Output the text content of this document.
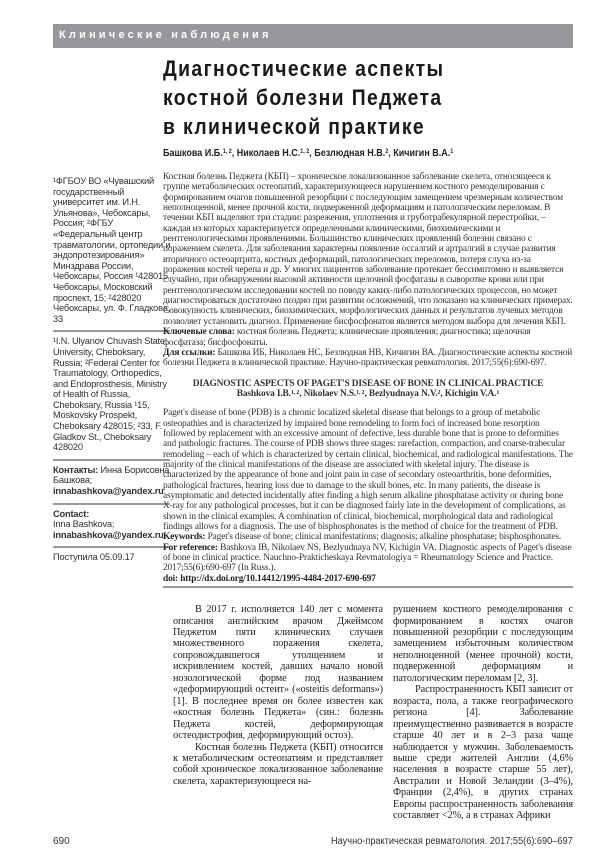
Клинические наблюдения
Диагностические аспекты
костной болезни Педжета
в клинической практике
Башкова И.Б.$^{1, 2}$, Николаев Н.С.$^{1, 2}$, Безлюдная Н.В.$^2$, Кичигин В.А.$^1$
¹ФГБОУ ВО «Чувашский государственный университет им. И.Н. Ульянова», Чебоксары, Россия; ²ФГБУ «Федеральный центр травматологии, ортопедии и эндопротезирования» Минздрава России, Чебоксары, Россия ¹428015 Чебоксары, Московский проспект, 15; ²428020 Чебоксары, ул. Ф. Гладкова, 33
¹I.N. Ulyanov Chuvash State University, Cheboksary, Russia; ²Federal Center for Traumatology, Orthopedics, and Endoprosthesis, Ministry of Health of Russia, Cheboksary, Russia ¹15, Moskovsky Prospekt, Cheboksary 428015; ²33, F. Gladkov St., Cheboksary 428020
Контакты: Инна Борисовна Башкова;
innabashkova@yandex.ru
Contact:
Inna Bashkova;
innabashkova@yandex.ru
Поступила 05.09.17

Костная болезнь Педжета (КБП) – хроническое локализованное заболевание скелета, относящееся к группе метаболических остеопатий, характеризующееся нарушением костного ремоделирования с формированием очагов повышенной резорбции с последующим замещением чрезмерным количеством неполноценной, менее прочной кости, подверженной деформациям и патологическим переломам. В течении КБП выделяют три стадии: разрежения, уплотнения и груботрабекулярной перестройки, – каждая из которых характеризуется определенными клиническими, биохимическими и рентгенологическими проявлениями. Большинство клинических проявлений болезни связано с поражением скелета. Для заболевания характерны появление оссалгий и артралгий в случае развития вторичного остеоартрита, костных деформаций, патологических переломов, потеря слуха из-за поражения костей черепа и др. У многих пациентов заболевание протекает бессимптомно и выявляется случайно, при обнаружении высокой активности щелочной фосфатазы в сыворотке крови или при рентгенологическом исследовании костей по поводу каких-либо патологических процессов, но может диагностироваться достаточно поздно при развитии осложнений, что показано на клинических примерах. Совокупность клинических, биохимических, морфологических данных и результатов лучевых методов позволяет установить диагноз. Применение бисфосфонатов является методом выбора для лечения КБП.

Ключевые слова: костная болезнь Педжета; клинические проявления; диагностика; щелочная фосфатаза; бисфосфонаты.

Для ссылки: Башкова ИБ, Николаев НС, Безлюдная НВ, Кичигин ВА. Диагностические аспекты костной болезни Педжета в клинической практике. Научно-практическая ревматология. 2017;55(6):690-697.

DIAGNOSTIC ASPECTS OF PAGET'S DISEASE OF BONE IN CLINICAL PRACTICE

Bashkova I.B.$^{1, 2}$, Nikolaev N.S.$^{1, 2}$, Bezlyudnaya N.V.$^2$, Kichigin V.A.$^1$

Paget's disease of bone (PDB) is a chronic localized skeletal disease that belongs to a group of metabolic osteopathies and is characterized by impaired bone remodeling to form foci of increased bone resorption followed by replacement with an excessive amount of defective, less durable bone that is prone to deformities and pathologic fractures. The course of PDB shows three stages: rarefaction, compaction, and coarse-trabecular remodeling – each of which is characterized by certain clinical, biochemical, and radiological manifestations. The majority of the clinical manifestations of the disease are associated with skeletal injury. The disease is characterized by the appearance of bone and joint pain in case of secondary osteoarthritis, bone deformities, pathological fractures, hearing loss due to damage to the skull bones, etc. In many patients, the disease is asymptomatic and detected incidentally after finding a high serum alkaline phosphatase activity or during bone X-ray for any pathological processes, but it can be diagnosed fairly late in the development of complications, as shown in the clinical examples. A combination of clinical, biochemical, morphological data and radiological findings allows for a diagnosis. The use of bisphosphonates is the method of choice for the treatment of PDB.

Keywords: Paget's disease of bone; clinical manifestations; diagnosis; alkaline phosphatase; bisphosphonates.

For reference: Bashkova IB, Nikolaev NS, Bezlyudnaya NV, Kichigin VA. Diagnostic aspects of Paget's disease of bone in clinical practice. Nauchno-Prakticheskaya Revmatologiya = Rheumatology Science and Practice. 2017;55(6):690-697 (In Russ.).

doi: http://dx.doi.org/10.14412/1995-4484-2017-690-697

В 2017 г. исполняется 140 лет с момента описания английским врачом Джеймсом Педжетом пяти клинических случаев множественного поражения скелета, сопровождавшегося утолщением и искривлением костей, давших начало новой нозологической форме под названием «деформирующий остеит» («osteitis deformans») [1]. В последнее время он более известен как «костная болезнь Педжета» (син.: болезнь Педжета костей, деформирующая остеодистрофия, деформирующий остоз).

Костная болезнь Педжета (КБП) относится к метаболическим остеопатиям и представляет собой хроническое локализованное заболевание скелета, характеризующееся на-

рушением костного ремоделирования с формированием в костях очагов повышенной резорбции с последующим замещением избыточным количеством неполноценной (менее прочной) кости, подверженной деформациям и патологическим переломам [2, 3].

Распространенность КБП зависит от возраста, пола, а также географического региона [4]. Заболевание преимущественно развивается в возрасте старше 40 лет и в 2–3 раза чаще наблюдается у мужчин. Заболеваемость выше среди жителей Англии (4,6% населения в возрасте старше 55 лет), Австралии и Новой Зеландии (3–4%), Франции (2,4%), в других странах Европы распространенность заболевания составляет <2%, а в странах Африки

690	Научно-практическая ревматология. 2017;55(6):690–697
